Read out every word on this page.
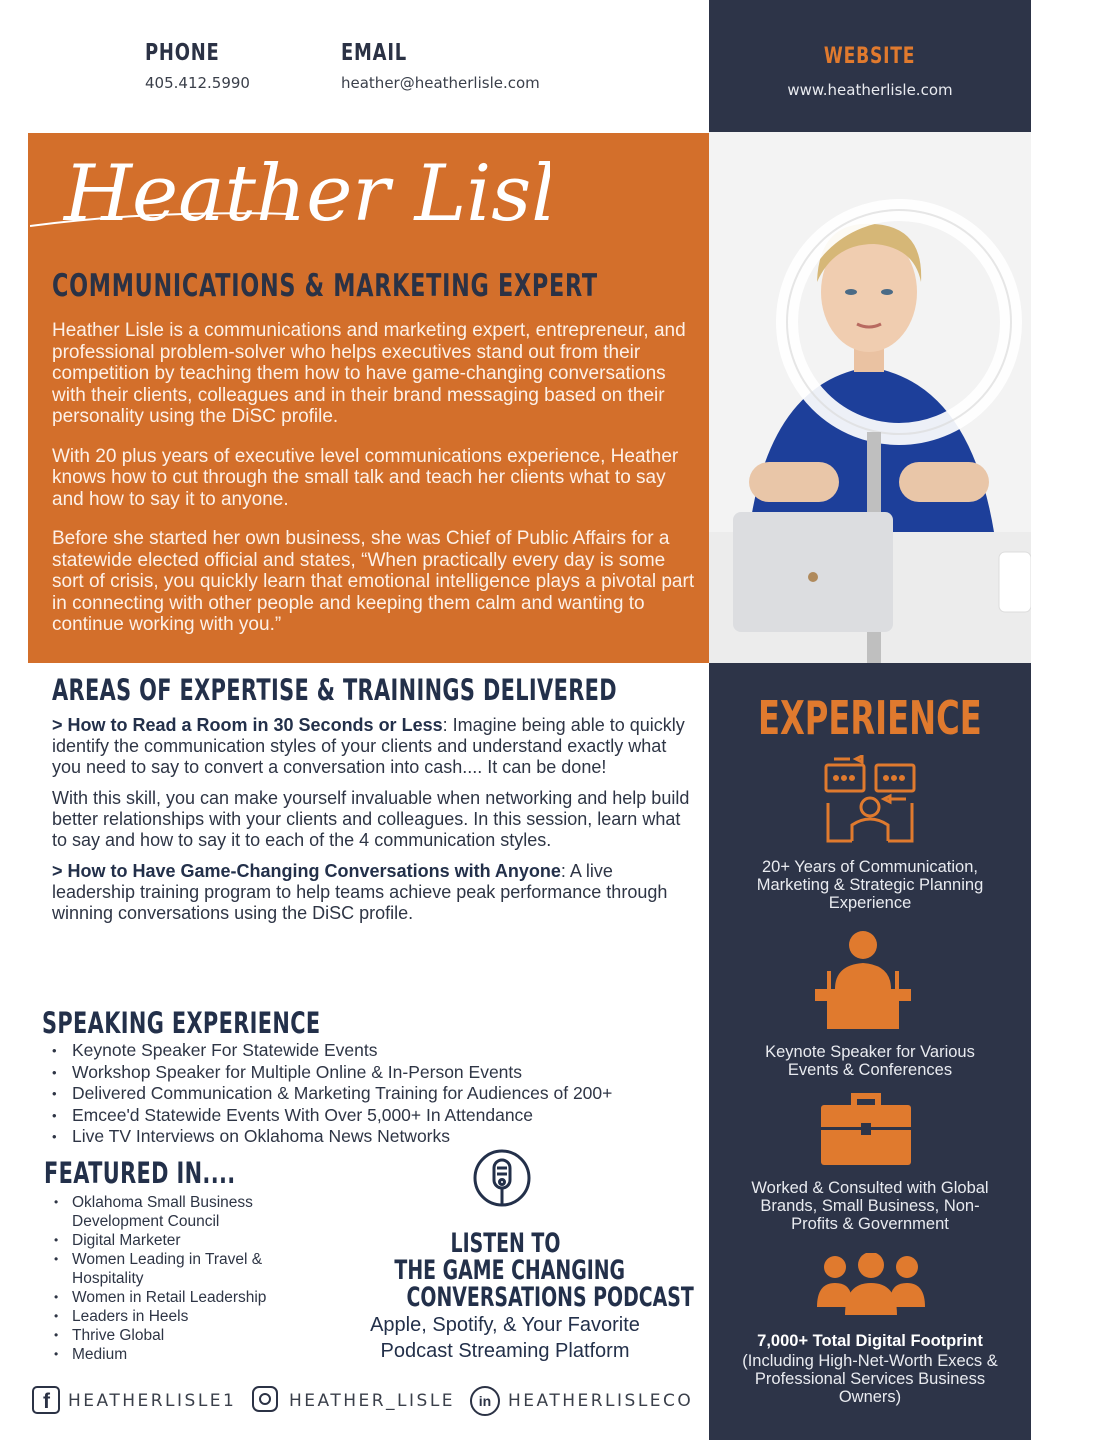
PHONE
405.412.5990
EMAIL
heather@heatherlisle.com
WEBSITE
www.heatherlisle.com
EXPERIENCE
20+ Years of Communication, Marketing & Strategic Planning Experience
Keynote Speaker for Various Events & Conferences
Worked & Consulted with Global Brands, Small Business, Non-Profits & Government
7,000+ Total Digital Footprint
(Including High-Net-Worth Execs & Professional Services Business Owners)
Heather Lisle
COMMUNICATIONS & MARKETING EXPERT

Heather Lisle is a communications and marketing expert, entrepreneur, and professional problem-solver who helps executives stand out from their competition by teaching them how to have game-changing conversations with their clients, colleagues and in their brand messaging based on their personality using the DiSC profile.

With 20 plus years of executive level communications experience, Heather knows how to cut through the small talk and teach her clients what to say and how to say it to anyone.

Before she started her own business, she was Chief of Public Affairs for a statewide elected official and states, “When practically every day is some sort of crisis, you quickly learn that emotional intelligence plays a pivotal part in connecting with other people and keeping them calm and wanting to continue working with you.”

AREAS OF EXPERTISE & TRAININGS DELIVERED
> How to Read a Room in 30 Seconds or Less: Imagine being able to quickly identify the communication styles of your clients and understand exactly what you need to say to convert a conversation into cash.... It can be done!
With this skill, you can make yourself invaluable when networking and help build better relationships with your clients and colleagues. In this session, learn what to say and how to say it to each of the 4 communication styles.
> How to Have Game-Changing Conversations with Anyone: A live leadership training program to help teams achieve peak performance through winning conversations using the DiSC profile.
SPEAKING EXPERIENCE
• Keynote Speaker For Statewide Events
• Workshop Speaker for Multiple Online & In-Person Events
• Delivered Communication & Marketing Training for Audiences of 200+
• Emcee'd Statewide Events With Over 5,000+ In Attendance
• Live TV Interviews on Oklahoma News Networks
FEATURED IN....
• Oklahoma Small Business Development Council
• Digital Marketer
• Women Leading in Travel & Hospitality
• Women in Retail Leadership
• Leaders in Heels
• Thrive Global
• Medium
LISTEN TO
THE GAME CHANGING
CONVERSATIONS PODCAST
Apple, Spotify, & Your Favorite Podcast Streaming Platform
f HEATHERLISLE1	HEATHER_LISLE	in HEATHERLISLECO
